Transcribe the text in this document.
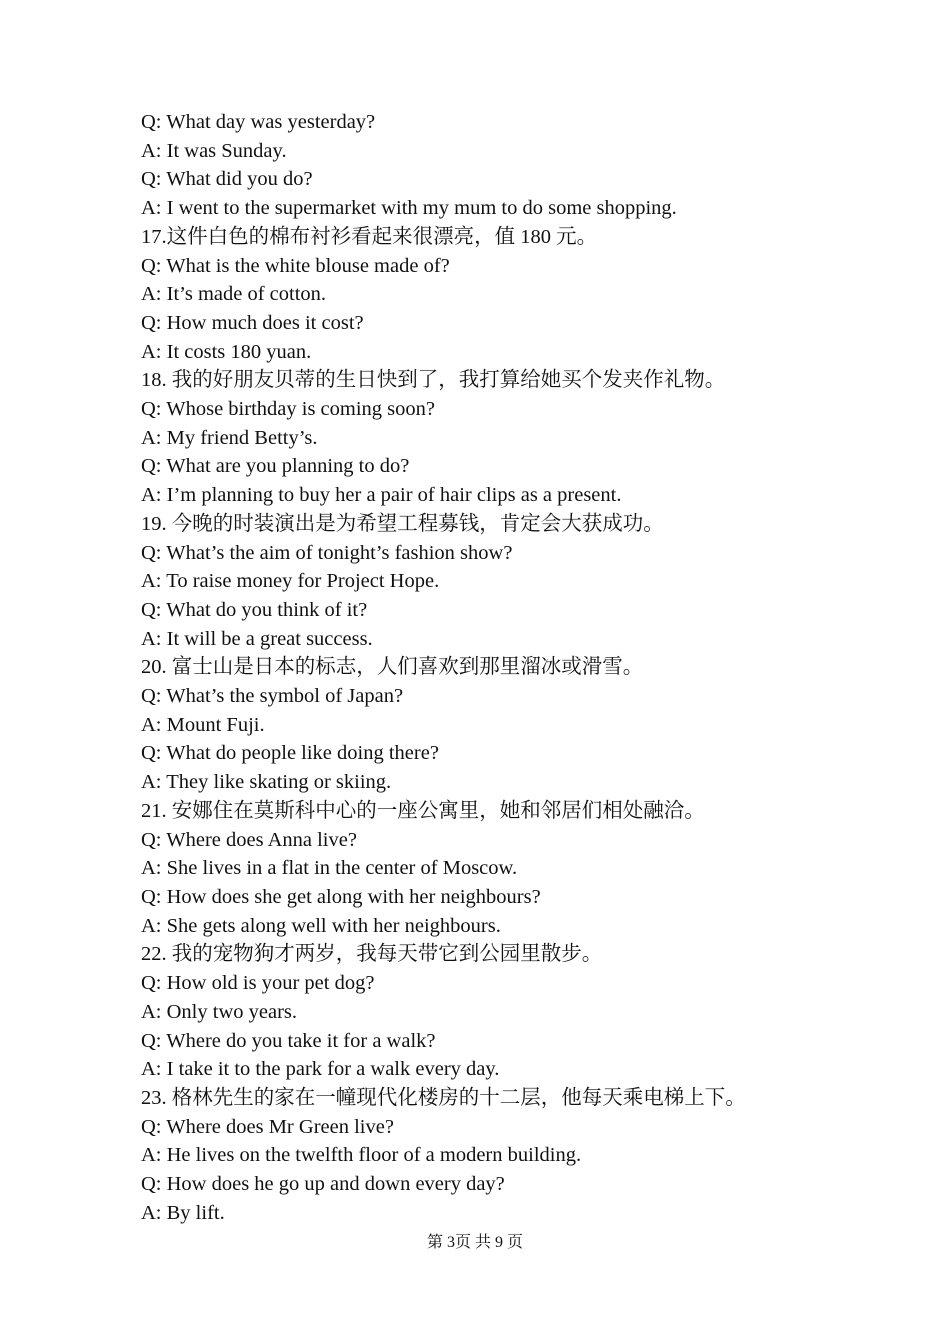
Q: What day was yesterday?
A: It was Sunday.
Q: What did you do?
A: I went to the supermarket with my mum to do some shopping.
17.这件白色的棉布衬衫看起来很漂亮，值 180 元。
Q: What is the white blouse made of?
A: It’s made of cotton.
Q: How much does it cost?
A: It costs 180 yuan.
18. 我的好朋友贝蒂的生日快到了，我打算给她买个发夹作礼物。
Q: Whose birthday is coming soon?
A: My friend Betty’s.
Q: What are you planning to do?
A: I’m planning to buy her a pair of hair clips as a present.
19. 今晚的时装演出是为希望工程募钱，肯定会大获成功。
Q: What’s the aim of tonight’s fashion show?
A: To raise money for Project Hope.
Q: What do you think of it?
A: It will be a great success.
20. 富士山是日本的标志，人们喜欢到那里溜冰或滑雪。
Q: What’s the symbol of Japan?
A: Mount Fuji.
Q: What do people like doing there?
A: They like skating or skiing.
21. 安娜住在莫斯科中心的一座公寓里，她和邻居们相处融洽。
Q: Where does Anna live?
A: She lives in a flat in the center of Moscow.
Q: How does she get along with her neighbours?
A: She gets along well with her neighbours.
22. 我的宠物狗才两岁，我每天带它到公园里散步。
Q: How old is your pet dog?
A: Only two years.
Q: Where do you take it for a walk?
A: I take it to the park for a walk every day.
23. 格林先生的家在一幢现代化楼房的十二层，他每天乘电梯上下。
Q: Where does Mr Green live?
A: He lives on the twelfth floor of a modern building.
Q: How does he go up and down every day?
A: By lift.
第 3页 共 9 页
